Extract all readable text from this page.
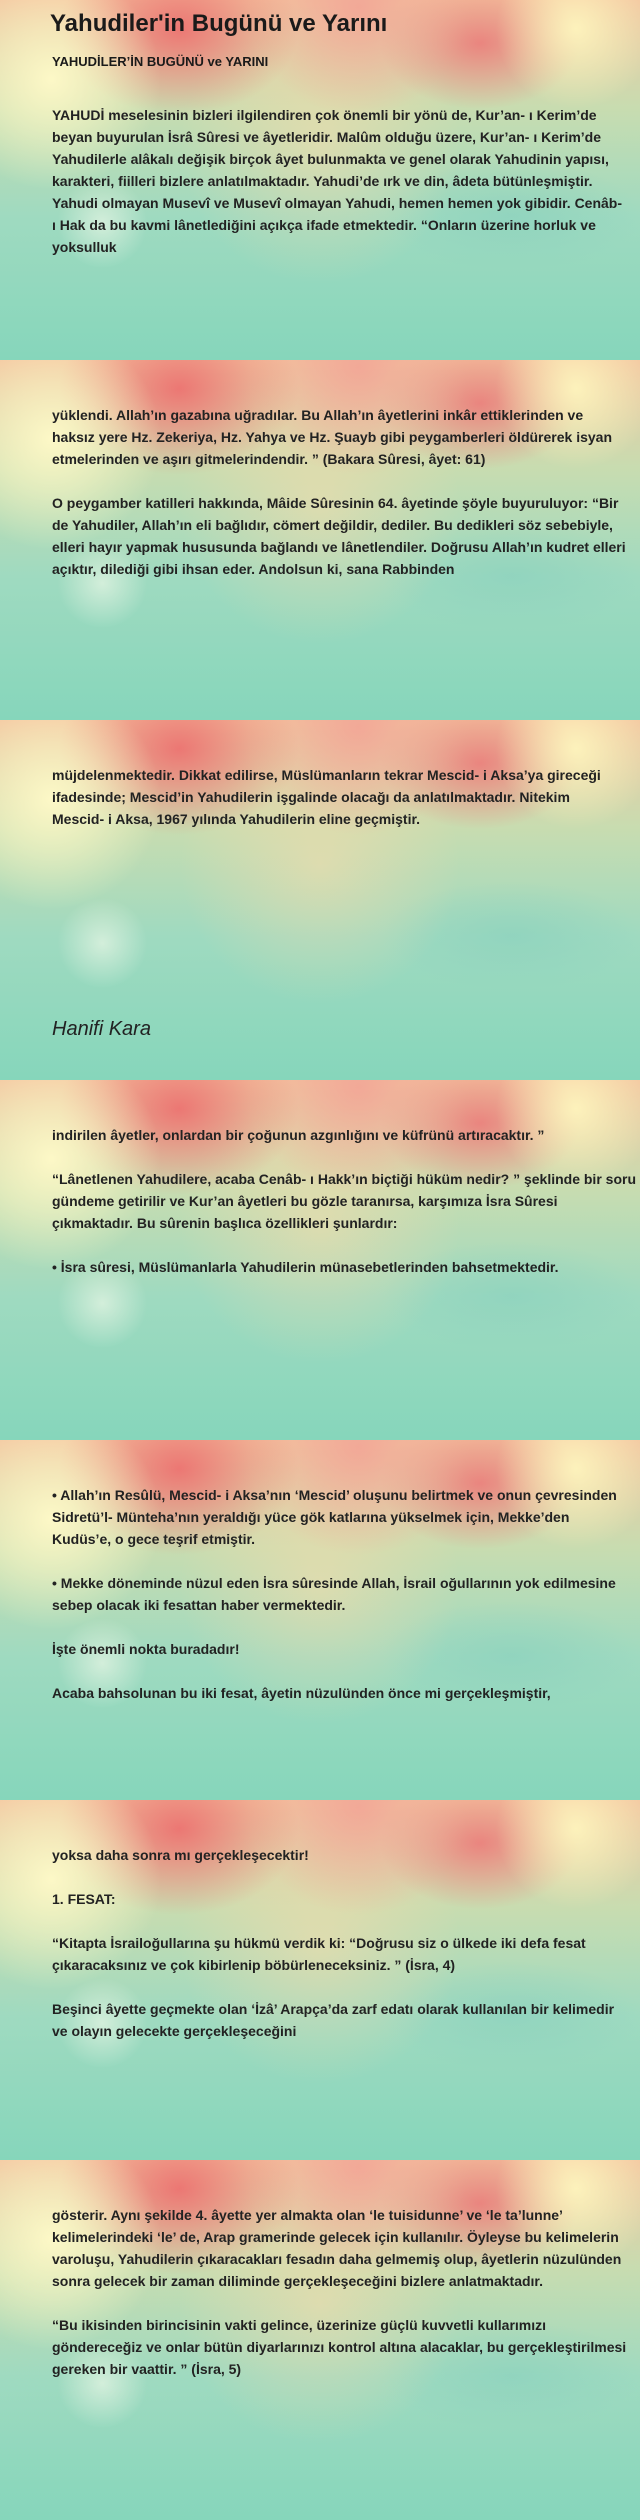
Yahudiler'in Bugünü ve Yarını
YAHUDİLER’İN BUGÜNÜ ve YARINI

YAHUDİ meselesinin bizleri ilgilendiren çok önemli bir yönü de, Kur’an- ı Kerim’de beyan buyurulan İsrâ Sûresi ve âyetleridir. Malûm olduğu üzere, Kur’an- ı Kerim’de Yahudilerle alâkalı değişik birçok âyet bulunmakta ve genel olarak Yahudinin yapısı, karakteri, fiilleri bizlere anlatılmaktadır. Yahudi’de ırk ve din, âdeta bütünleşmiştir. Yahudi olmayan Musevî ve Musevî olmayan Yahudi, hemen hemen yok gibidir. Cenâb- ı Hak da bu kavmi lânetlediğini açıkça ifade etmektedir. “Onların üzerine horluk ve yoksulluk

yüklendi. Allah’ın gazabına uğradılar. Bu Allah’ın âyetlerini inkâr ettiklerinden ve haksız yere Hz. Zekeriya, Hz. Yahya ve Hz. Şuayb gibi peygamberleri öldürerek isyan etmelerinden ve aşırı gitmelerindendir. ” (Bakara Sûresi, âyet: 61)

O peygamber katilleri hakkında, Mâide Sûresinin 64. âyetinde şöyle buyuruluyor: “Bir de Yahudiler, Allah’ın eli bağlıdır, cömert değildir, dediler. Bu dedikleri söz sebebiyle, elleri hayır yapmak hususunda bağlandı ve lânetlendiler. Doğrusu Allah’ın kudret elleri açıktır, dilediği gibi ihsan eder. Andolsun ki, sana Rabbinden

müjdelenmektedir. Dikkat edilirse, Müslümanların tekrar Mescid- i Aksa’ya gireceği ifadesinde; Mescid’in Yahudilerin işgalinde olacağı da anlatılmaktadır. Nitekim Mescid- i Aksa, 1967 yılında Yahudilerin eline geçmiştir.

Hanifi Kara

indirilen âyetler, onlardan bir çoğunun azgınlığını ve küfrünü artıracaktır. ”

“Lânetlenen Yahudilere, acaba Cenâb- ı Hakk’ın biçtiği hüküm nedir? ” şeklinde bir soru gündeme getirilir ve Kur’an âyetleri bu gözle taranırsa, karşımıza İsra Sûresi çıkmaktadır. Bu sûrenin başlıca özellikleri şunlardır:

• İsra sûresi, Müslümanlarla Yahudilerin münasebetlerinden bahsetmektedir.

• Allah’ın Resûlü, Mescid- i Aksa’nın ‘Mescid’ oluşunu belirtmek ve onun çevresinden Sidretü’l- Münteha’nın yeraldığı yüce gök katlarına yükselmek için, Mekke’den Kudüs’e, o gece teşrif etmiştir.

• Mekke döneminde nüzul eden İsra sûresinde Allah, İsrail oğullarının yok edilmesine sebep olacak iki fesattan haber vermektedir.

İşte önemli nokta buradadır!

Acaba bahsolunan bu iki fesat, âyetin nüzulünden önce mi gerçekleşmiştir,

yoksa daha sonra mı gerçekleşecektir!

1. FESAT:

“Kitapta İsrailoğullarına şu hükmü verdik ki: “Doğrusu siz o ülkede iki defa fesat çıkaracaksınız ve çok kibirlenip böbürleneceksiniz. ” (İsra, 4)

Beşinci âyette geçmekte olan ‘İzâ’ Arapça’da zarf edatı olarak kullanılan bir kelimedir ve olayın gelecekte gerçekleşeceğini

gösterir. Aynı şekilde 4. âyette yer almakta olan ‘le tuisidunne’ ve ‘le ta’lunne’ kelimelerindeki ‘le’ de, Arap gramerinde gelecek için kullanılır. Öyleyse bu kelimelerin varoluşu, Yahudilerin çıkaracakları fesadın daha gelmemiş olup, âyetlerin nüzulünden sonra gelecek bir zaman diliminde gerçekleşeceğini bizlere anlatmaktadır.

“Bu ikisinden birincisinin vakti gelince, üzerinize güçlü kuvvetli kullarımızı göndereceğiz ve onlar bütün diyarlarınızı kontrol altına alacaklar, bu gerçekleştirilmesi gereken bir vaattir. ” (İsra, 5)
